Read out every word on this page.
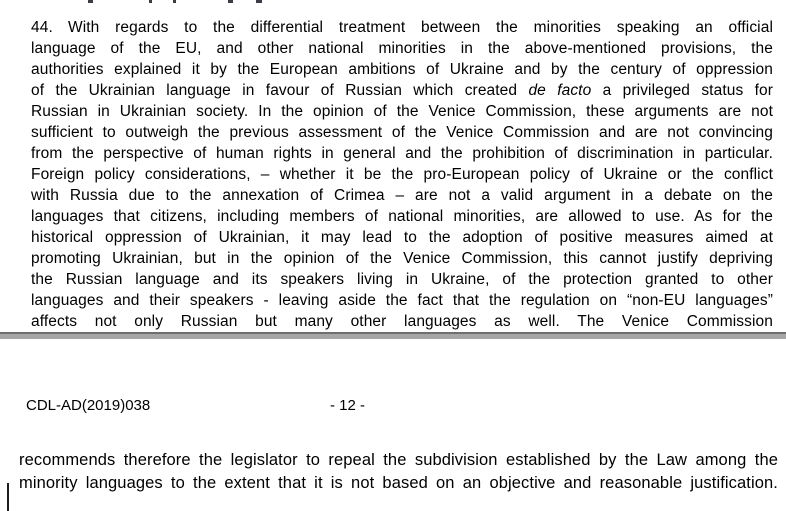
44. With regards to the differential treatment between the minorities speaking an official
language of the EU, and other national minorities in the above-mentioned provisions, the
authorities explained it by the European ambitions of Ukraine and by the century of oppression
of the Ukrainian language in favour of Russian which created de facto a privileged status for
Russian in Ukrainian society. In the opinion of the Venice Commission, these arguments are not
sufficient to outweigh the previous assessment of the Venice Commission and are not convincing
from the perspective of human rights in general and the prohibition of discrimination in particular.
Foreign policy considerations, – whether it be the pro-European policy of Ukraine or the conflict
with Russia due to the annexation of Crimea – are not a valid argument in a debate on the
languages that citizens, including members of national minorities, are allowed to use. As for the
historical oppression of Ukrainian, it may lead to the adoption of positive measures aimed at
promoting Ukrainian, but in the opinion of the Venice Commission, this cannot justify depriving
the Russian language and its speakers living in Ukraine, of the protection granted to other
languages and their speakers - leaving aside the fact that the regulation on “non-EU languages”
affects not only Russian but many other languages as well. The Venice Commission
CDL-AD(2019)038	- 12 -
recommends therefore the legislator to repeal the subdivision established by the Law among the
minority languages to the extent that it is not based on an objective and reasonable justification.
